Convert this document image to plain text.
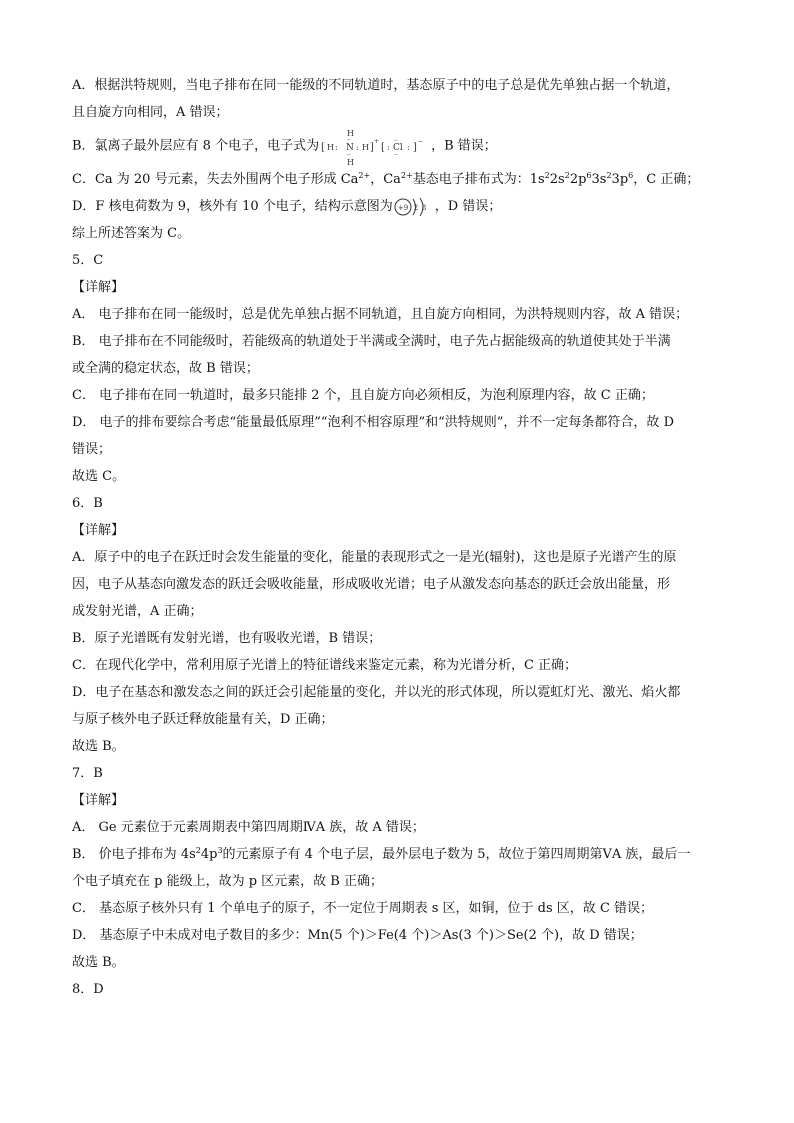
A．根据洪特规则，当电子排布在同一能级的不同轨道时，基态原子中的电子总是优先单独占据一个轨道，
且自旋方向相同，A 错误；
B．氯离子最外层应有 8 个电子，电子式为 [ H :
H
··
N
··
H
: H ]
+
[ :
··
Cl
··
: ]
− ，B 错误；
C．Ca 为 20 号元素，失去外围两个电子形成 $Ca^{2+}$，$Ca^{2+}$基态电子排布式为：$1s^22s^22p^63s^23p^6$，C 正确；
D．F 核电荷数为 9，核外有 10 个电子，结构示意图为 +9 2 8 ，D 错误；
综上所述答案为 C。
5．C
【详解】
A． 电子排布在同一能级时，总是优先单独占据不同轨道，且自旋方向相同，为洪特规则内容，故 A 错误；
B． 电子排布在不同能级时，若能级高的轨道处于半满或全满时，电子先占据能级高的轨道使其处于半满
或全满的稳定状态，故 B 错误；
C． 电子排布在同一轨道时，最多只能排 2 个，且自旋方向必须相反，为泡利原理内容，故 C 正确；
D． 电子的排布要综合考虑“能量最低原理”“泡利不相容原理”和“洪特规则”，并不一定每条都符合，故 D
错误；
故选 C。
6．B
【详解】
A．原子中的电子在跃迁时会发生能量的变化，能量的表现形式之一是光(辐射)，这也是原子光谱产生的原
因，电子从基态向激发态的跃迁会吸收能量，形成吸收光谱；电子从激发态向基态的跃迁会放出能量，形
成发射光谱，A 正确；
B．原子光谱既有发射光谱，也有吸收光谱，B 错误；
C．在现代化学中，常利用原子光谱上的特征谱线来鉴定元素，称为光谱分析，C 正确；
D．电子在基态和激发态之间的跃迁会引起能量的变化，并以光的形式体现，所以霓虹灯光、激光、焰火都
与原子核外电子跃迁释放能量有关，D 正确；
故选 B。
7．B
【详解】
A． Ge 元素位于元素周期表中第四周期ⅣA 族，故 A 错误；
B． 价电子排布为 $4s^24p^3$的元素原子有 4 个电子层，最外层电子数为 5，故位于第四周期第ⅤA 族，最后一
个电子填充在 p 能级上，故为 p 区元素，故 B 正确；
C． 基态原子核外只有 1 个单电子的原子，不一定位于周期表 s 区，如铜，位于 ds 区，故 C 错误；
D． 基态原子中未成对电子数目的多少：Mn(5 个)＞Fe(4 个)＞As(3 个)＞Se(2 个)，故 D 错误；
故选 B。
8．D
